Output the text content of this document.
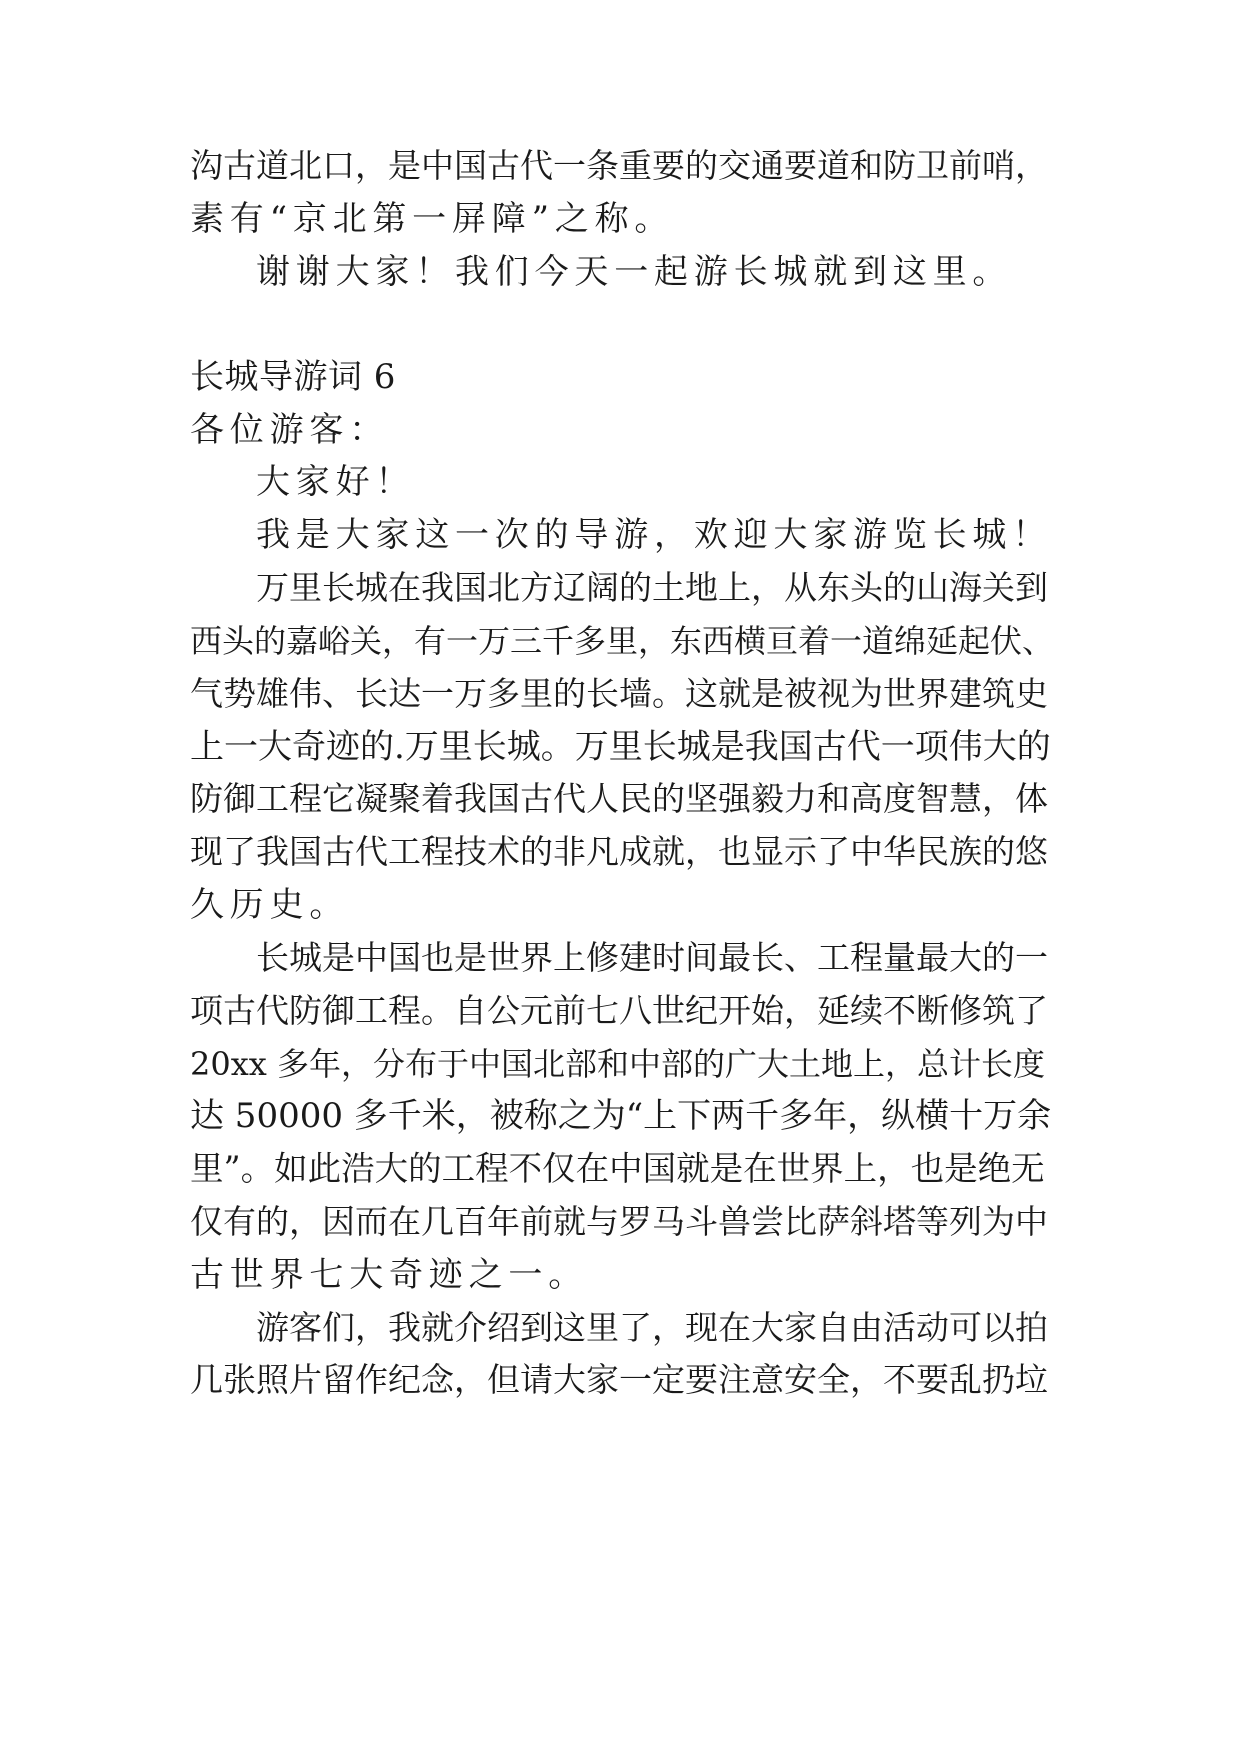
沟古道北口，是中国古代一条重要的交通要道和防卫前哨，
素有“京北第一屏障”之称。
谢谢大家！我们今天一起游长城就到这里。
长城导游词 6
各位游客：
大家好！
我是大家这一次的导游，欢迎大家游览长城！
万里长城在我国北方辽阔的土地上，从东头的山海关到
西头的嘉峪关，有一万三千多里，东西横亘着一道绵延起伏、
气势雄伟、长达一万多里的长墙。这就是被视为世界建筑史
上一大奇迹的.万里长城。万里长城是我国古代一项伟大的
防御工程它凝聚着我国古代人民的坚强毅力和高度智慧，体
现了我国古代工程技术的非凡成就，也显示了中华民族的悠
久历史。
长城是中国也是世界上修建时间最长、工程量最大的一
项古代防御工程。自公元前七八世纪开始，延续不断修筑了
20xx 多年，分布于中国北部和中部的广大土地上，总计长度
达 50000 多千米，被称之为“上下两千多年，纵横十万余
里”。如此浩大的工程不仅在中国就是在世界上，也是绝无
仅有的，因而在几百年前就与罗马斗兽尝比萨斜塔等列为中
古世界七大奇迹之一。
游客们，我就介绍到这里了，现在大家自由活动可以拍
几张照片留作纪念，但请大家一定要注意安全，不要乱扔垃
